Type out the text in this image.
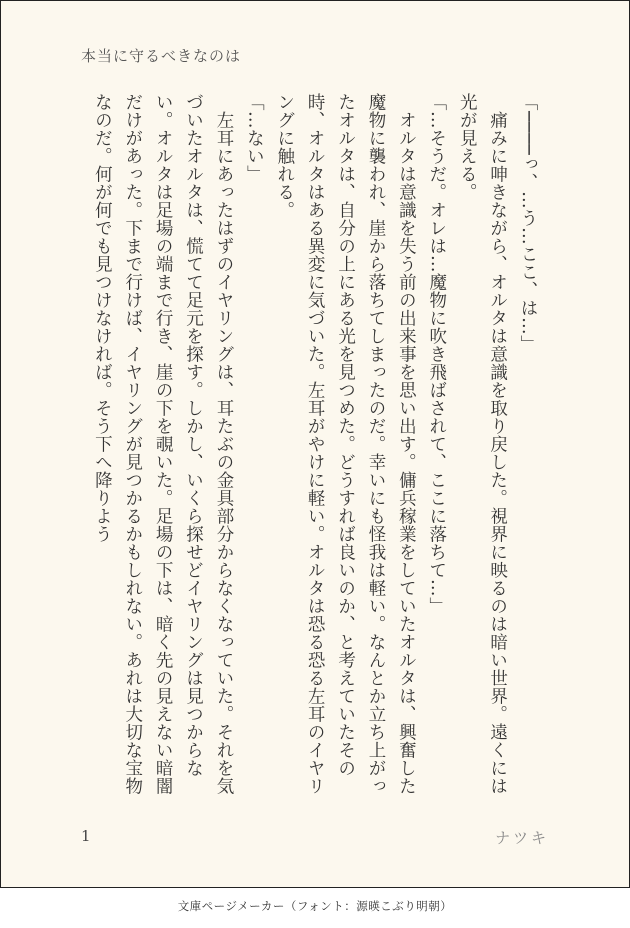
本当に守るべきなのは

「────っ、…う…ここ、は…」

　痛みに呻きながら、オルタは意識を取り戻した。視界に映るのは暗い世界。遠くには光が見える。

「…そうだ。オレは…魔物に吹き飛ばされて、ここに落ちて…」

　オルタは意識を失う前の出来事を思い出す。傭兵稼業をしていたオルタは、興奮した魔物に襲われ、崖から落ちてしまったのだ。幸いにも怪我は軽い。なんとか立ち上がったオルタは、自分の上にある光を見つめた。どうすれば良いのか、と考えていたその時、オルタはある異変に気づいた。左耳がやけに軽い。オルタは恐る恐る左耳のイヤリングに触れる。

「…ない」

　左耳にあったはずのイヤリングは、耳たぶの金具部分からなくなっていた。それを気づいたオルタは、慌てて足元を探す。しかし、いくら探せどイヤリングは見つからない。オルタは足場の端まで行き、崖の下を覗いた。足場の下は、暗く先の見えない暗闇だけがあった。下まで行けば、イヤリングが見つかるかもしれない。あれは大切な宝物なのだ。何が何でも見つけなければ。そう下へ降りよう

1	ナツキ
文庫ページメーカー（フォント：源暎こぶり明朝）
